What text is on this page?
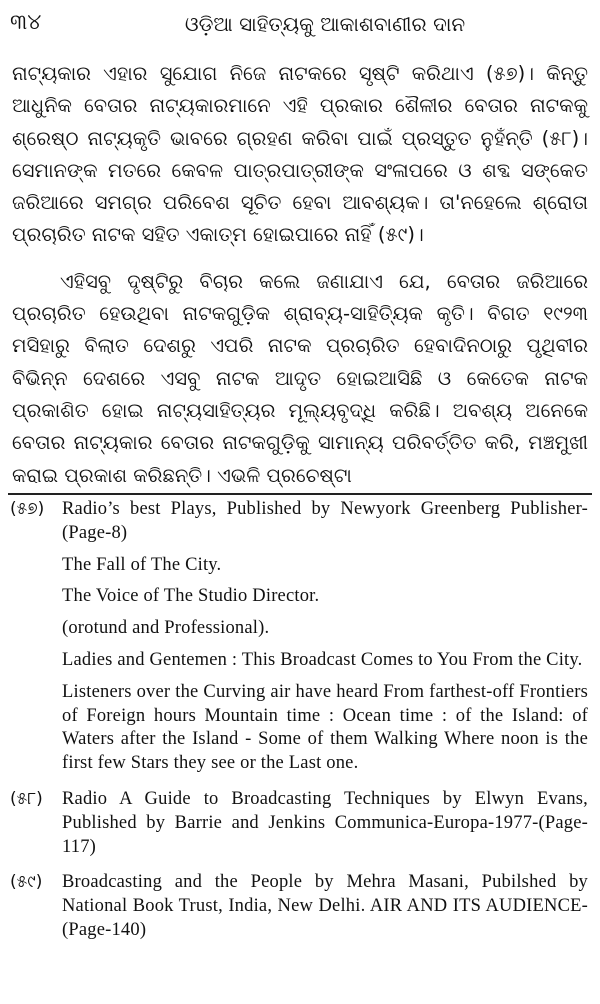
୩୪	ଓଡ଼ିଆ ସାହିତ୍ୟକୁ ଆକାଶବାଣୀର ଦାନ

ନାଟ୍ୟକାର ଏହାର ସୁଯୋଗ ନିଜେ ନାଟକରେ ସୃଷ୍ଟି କରିଥାଏ (୫୭)। କିନ୍ତୁ ଆଧୁନିକ ବେତାର ନାଟ୍ୟକାରମାନେ ଏହି ପ୍ରକାର ଶୈଳୀର ବେତାର ନାଟକକୁ ଶ୍ରେଷ୍ଠ ନାଟ୍ୟକୃତି ଭାବରେ ଗ୍ରହଣ କରିବା ପାଇଁ ପ୍ରସ୍ତୁତ ନୁହଁନ୍ତି (୫୮)। ସେମାନଙ୍କ ମତରେ କେବଳ ପାତ୍ରପାତ୍ରୀଙ୍କ ସଂଳାପରେ ଓ ଶବ୍ଦ ସଙ୍କେତ ଜରିଆରେ ସମଗ୍ର ପରିବେଶ ସୂଚିତ ହେବା ଆବଶ୍ୟକ। ତା'ନହେଲେ ଶ୍ରୋତା ପ୍ରଚାରିତ ନାଟକ ସହିତ ଏକାତ୍ମ ହୋଇପାରେ ନାହିଁ (୫୯)।

ଏହିସବୁ ଦୃଷ୍ଟିରୁ ବିଚାର କଲେ ଜଣାଯାଏ ଯେ, ବେତାର ଜରିଆରେ ପ୍ରଚାରିତ ହେଉଥିବା ନାଟକଗୁଡ଼ିକ ଶ୍ରାବ୍ୟ-ସାହିତ୍ୟିକ କୃତି। ବିଗତ ୧୯୨୩ ମସିହାରୁ ବିଲାତ ଦେଶରୁ ଏପରି ନାଟକ ପ୍ରଚାରିତ ହେବାଦିନଠାରୁ ପୃଥିବୀର ବିଭିନ୍ନ ଦେଶରେ ଏସବୁ ନାଟକ ଆଦୃତ ହୋଇଆସିଛି ଓ କେତେକ ନାଟକ ପ୍ରକାଶିତ ହୋଇ ନାଟ୍ୟସାହିତ୍ୟର ମୂଲ୍ୟବୃଦ୍ଧି କରିଛି। ଅବଶ୍ୟ ଅନେକେ ବେତାର ନାଟ୍ୟକାର ବେତାର ନାଟକଗୁଡ଼ିକୁ ସାମାନ୍ୟ ପରିବର୍ତ୍ତିତ କରି, ମଞ୍ଚମୁଖୀ କରାଇ ପ୍ରକାଶ କରିଛନ୍ତି। ଏଭଳି ପ୍ରଚେଷ୍ଟା

(୫୭) Radio’s best Plays, Published by Newyork Greenberg Publisher-(Page-8)
The Fall of The City.
The Voice of The Studio Director.
(orotund and Professional).
Ladies and Gentemen : This Broadcast Comes to You From the City.
Listeners over the Curving air have heard From farthest-off Frontiers of Foreign hours Mountain time : Ocean time : of the Island: of Waters after the Island - Some of them Walking Where noon is the first few Stars they see or the Last one.
(୫୮) Radio A Guide to Broadcasting Techniques by Elwyn Evans, Published by Barrie and Jenkins Communica-Europa-1977-(Page-117)
(୫୯) Broadcasting and the People by Mehra Masani, Pubilshed by National Book Trust, India, New Delhi. AIR AND ITS AUDIENCE-(Page-140)
